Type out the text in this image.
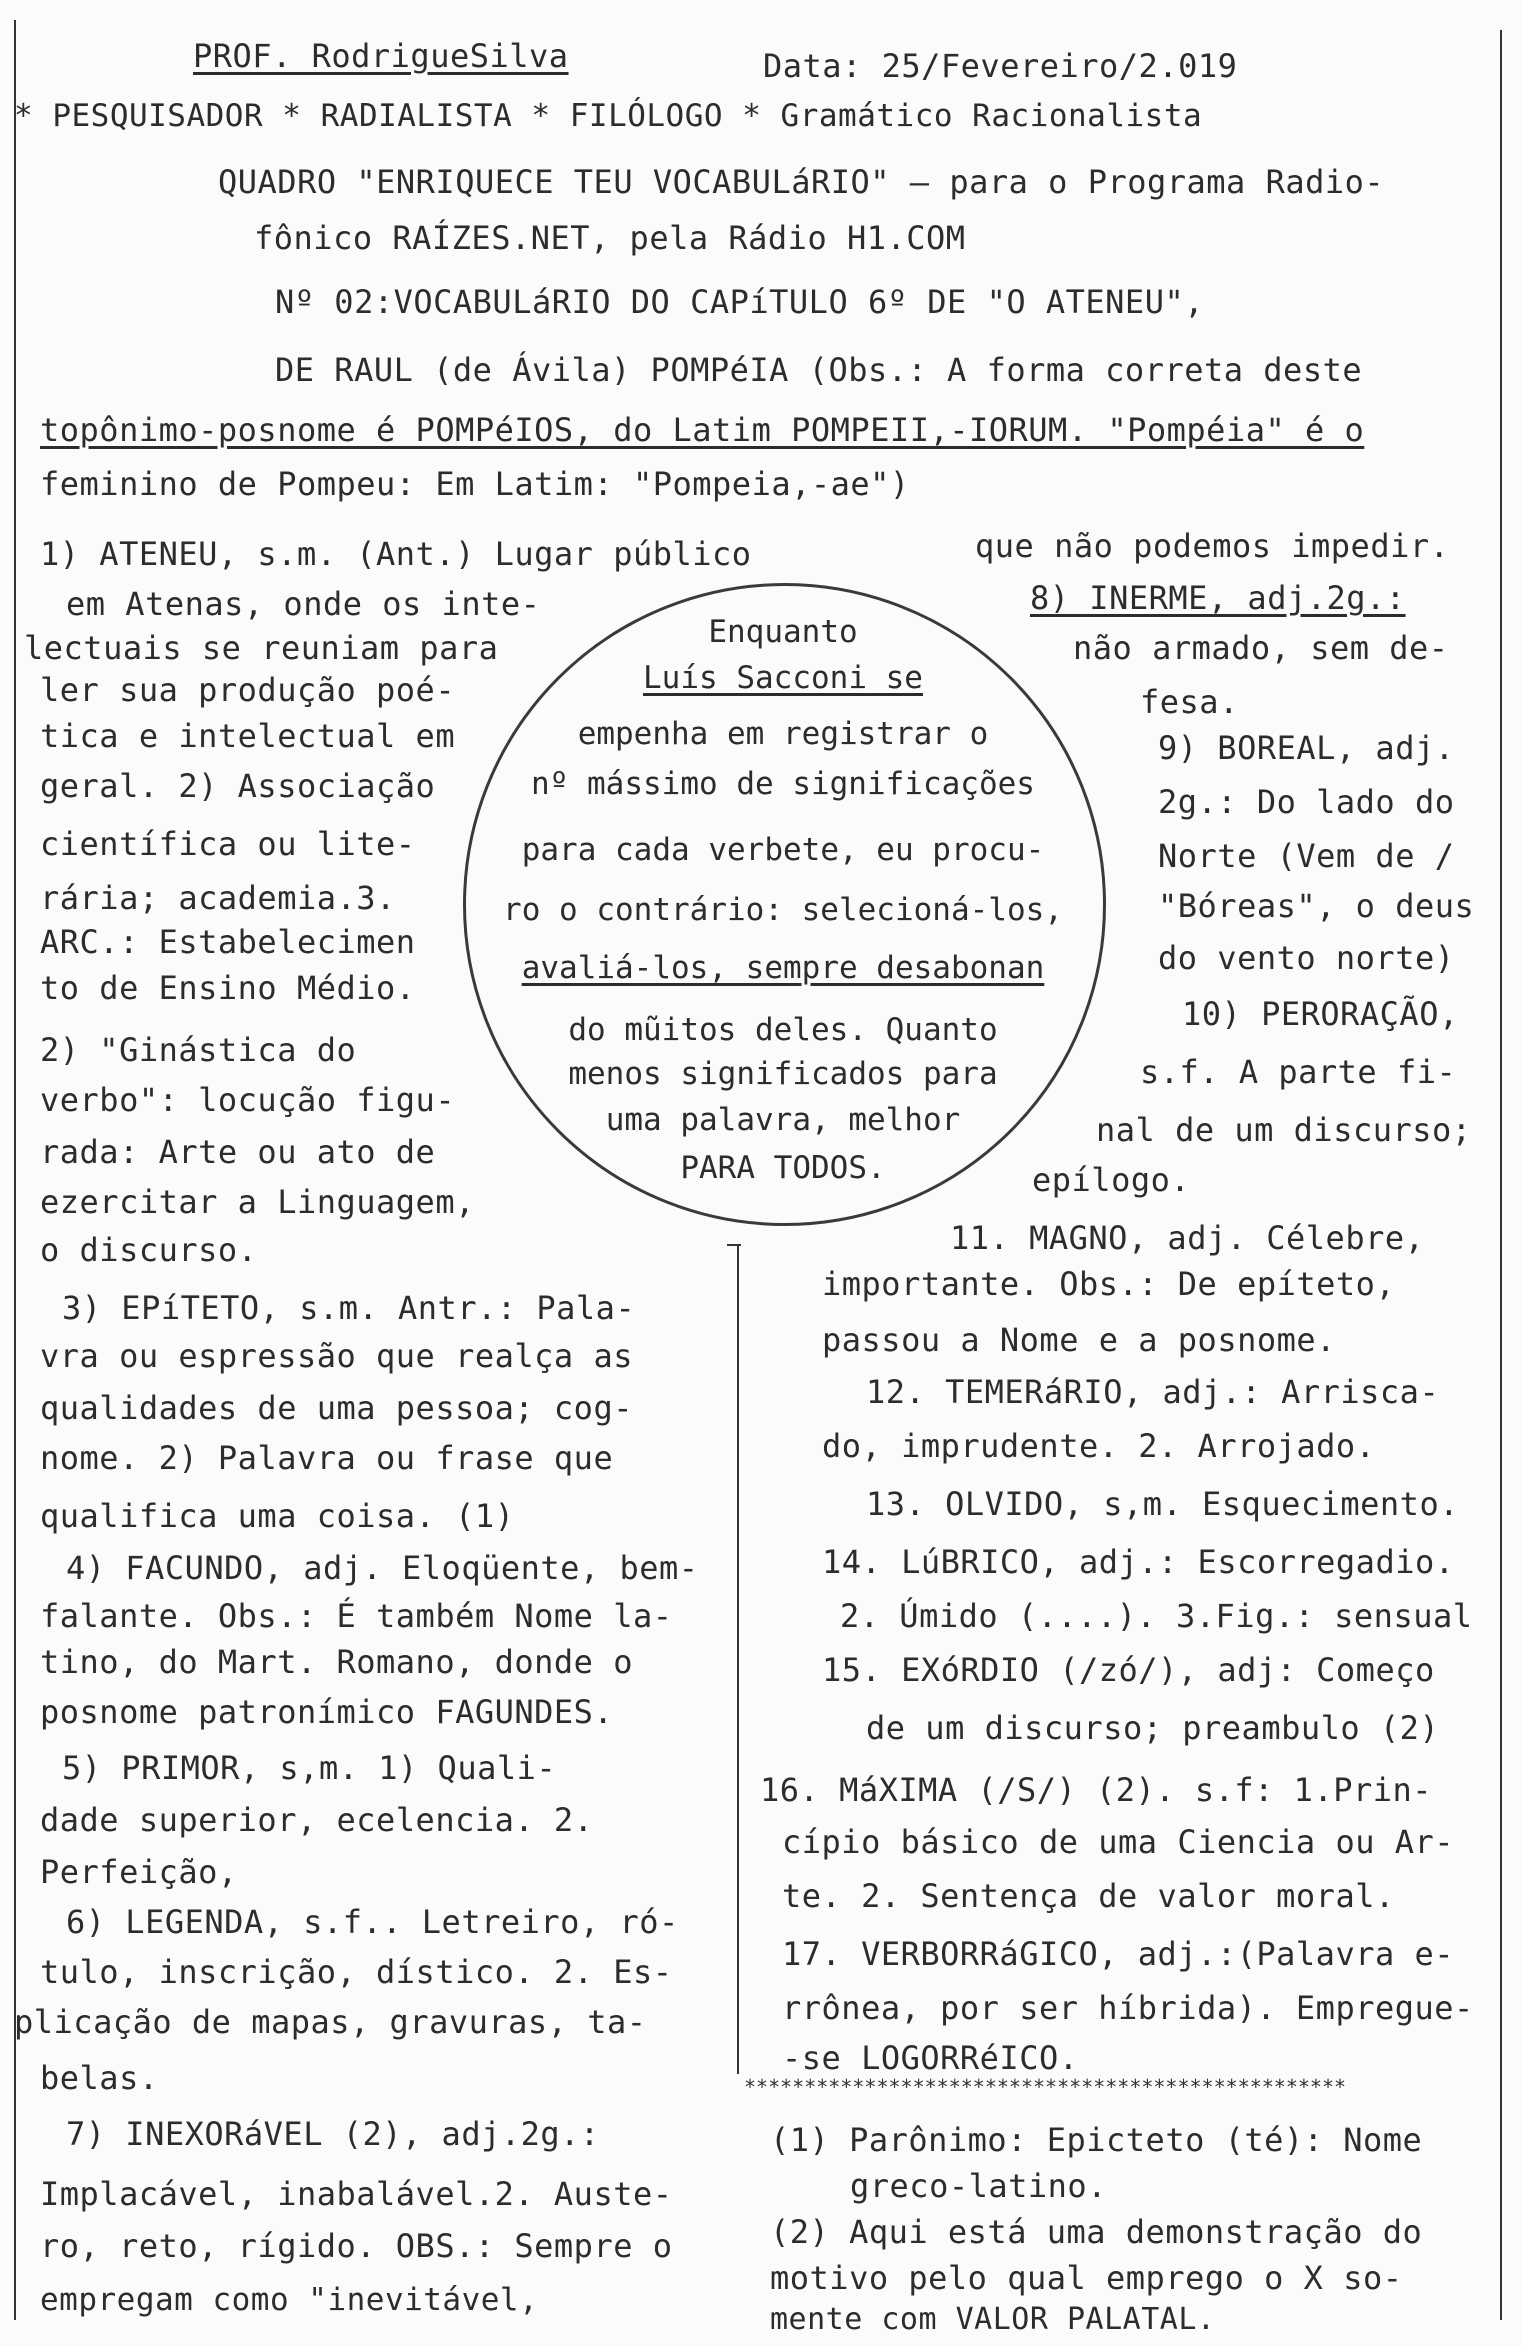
PROF. RodrigueSilva	Data: 25/Fevereiro/2.019
* PESQUISADOR * RADIALISTA * FILÓLOGO * Gramático Racionalista
QUADRO "ENRIQUECE TEU VOCABULáRIO" — para o Programa Radio-
fônico RAÍZES.NET, pela Rádio H1.COM
Nº 02:VOCABULáRIO DO CAPíTULO 6º DE "O ATENEU",
DE RAUL (de Ávila) POMPéIA (Obs.: A forma correta deste
topônimo-posnome é POMPéIOS, do Latim POMPEII,-IORUM. "Pompéia" é o
feminino de Pompeu: Em Latim: "Pompeia,-ae")
Enquanto
Luís Sacconi se
empenha em registrar o
nº mássimo de significações
para cada verbete, eu procu-
ro o contrário: selecioná-los,
avaliá-los, sempre desabonan
do mũitos deles. Quanto
menos significados para
uma palavra, melhor
PARA TODOS.
1) ATENEU, s.m. (Ant.) Lugar público
em Atenas, onde os inte-
lectuais se reuniam para
ler sua produção poé-
tica e intelectual em
geral. 2) Associação
científica ou lite-
rária; academia.3.
ARC.: Estabelecimen
to de Ensino Médio.
2) "Ginástica do
verbo": locução figu-
rada: Arte ou ato de
ezercitar a Linguagem,
o discurso.
3) EPíTETO, s.m. Antr.: Pala-
vra ou espressão que realça as
qualidades de uma pessoa; cog-
nome. 2) Palavra ou frase que
qualifica uma coisa. (1)
4) FACUNDO, adj. Eloqüente, bem-
falante. Obs.: É também Nome la-
tino, do Mart. Romano, donde o
posnome patronímico FAGUNDES.
5) PRIMOR, s,m. 1) Quali-
dade superior, ecelencia. 2.
Perfeição,
6) LEGENDA, s.f.. Letreiro, ró-
tulo, inscrição, dístico. 2. Es-
plicação de mapas, gravuras, ta-
belas.
7) INEXORáVEL (2), adj.2g.:
Implacável, inabalável.2. Auste-
ro, reto, rígido. OBS.: Sempre o
empregam como "inevitável,
que não podemos impedir.
8) INERME, adj.2g.:
não armado, sem de-
fesa.
9) BOREAL, adj.
2g.: Do lado do
Norte (Vem de /
"Bóreas", o deus
do vento norte)
10) PERORAÇÃO,
s.f. A parte fi-
nal de um discurso;
epílogo.
11. MAGNO, adj. Célebre,
importante. Obs.: De epíteto,
passou a Nome e a posnome.
12. TEMERáRIO, adj.: Arrisca-
do, imprudente. 2. Arrojado.
13. OLVIDO, s,m. Esquecimento.
14. LúBRICO, adj.: Escorregadio.
2. Úmido (....). 3.Fig.: sensual
15. EXóRDIO (/zó/), adj: Começo
de um discurso; preambulo (2)
16. MáXIMA (/S/) (2). s.f: 1.Prin-
cípio básico de uma Ciencia ou Ar-
te. 2. Sentença de valor moral.
17. VERBORRáGICO, adj.:(Palavra e-
rrônea, por ser híbrida). Empregue-
-se LOGORRéICO.
**************************************************
(1) Parônimo: Epicteto (té): Nome
greco-latino.
(2) Aqui está uma demonstração do
motivo pelo qual emprego o X so-
mente com VALOR PALATAL.
